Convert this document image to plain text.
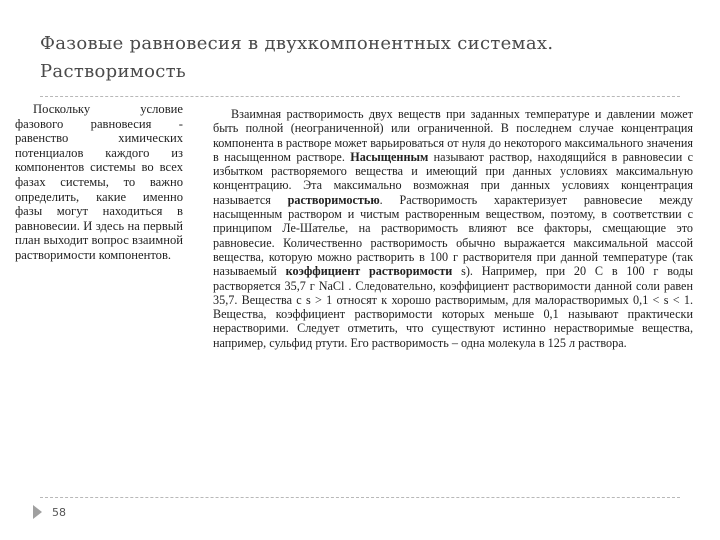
Фазовые равновесия в двухкомпонентных системах. Растворимость

Поскольку условие фазового равновесия - равенство химических потенциалов каждого из компонентов системы во всех фазах системы, то важно определить, какие именно фазы могут находиться в равновесии. И здесь на первый план выходит вопрос взаимной растворимости компонентов.

Взаимная растворимость двух веществ при заданных температуре и давлении может быть полной (неограниченной) или ограниченной. В последнем случае концентрация компонента в растворе может варьироваться от нуля до некоторого максимального значения в насыщенном растворе. Насыщенным называют раствор, находящийся в равновесии с избытком растворяемого вещества и имеющий при данных условиях максимальную концентрацию. Эта максимально возможная при данных условиях концентрация называется растворимостью. Растворимость характеризует равновесие между насыщенным раствором и чистым растворенным веществом, поэтому, в соответствии с принципом Ле-Шателье, на растворимость влияют все факторы, смещающие это равновесие. Количественно растворимость обычно выражается максимальной массой вещества, которую можно растворить в 100 г растворителя при данной температуре (так называемый коэффициент растворимости s). Например, при 20 С в 100 г воды растворяется 35,7 г NaCl . Следовательно, коэффициент растворимости данной соли равен 35,7. Вещества с s > 1 относят к хорошо растворимым, для малорастворимых 0,1 < s < 1. Вещества, коэффициент растворимости которых меньше 0,1 называют практически нерастворими. Следует отметить, что существуют истинно нерастворимые вещества, например, сульфид ртути. Его растворимость – одна молекула в 125 л раствора.

58
